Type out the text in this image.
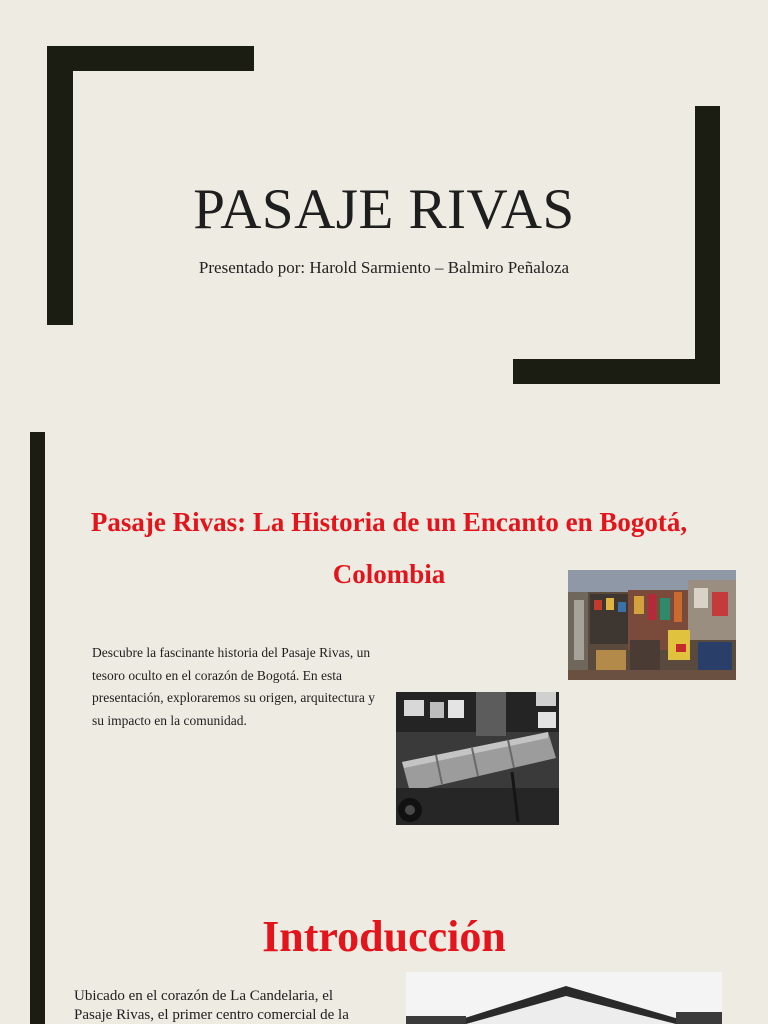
PASAJE RIVAS
Presentado por: Harold Sarmiento – Balmiro Peñaloza
Pasaje Rivas: La Historia de un Encanto en Bogotá, Colombia

Descubre la fascinante historia del Pasaje Rivas, un tesoro oculto en el corazón de Bogotá. En esta presentación, exploraremos su origen, arquitectura y su impacto en la comunidad.

Introducción

Ubicado en el corazón de La Candelaria, el Pasaje Rivas, el primer centro comercial de la
